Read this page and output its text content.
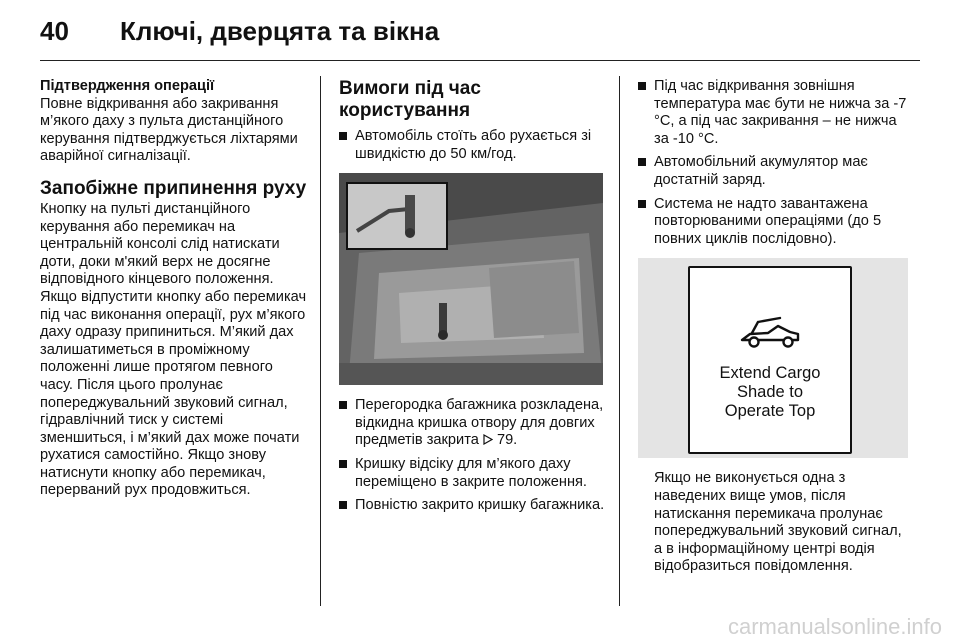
40	Ключі, дверцята та вікна
Підтвердження операції

Повне відкривання або закривання м’якого даху з пульта дистанційного керування підтверджується ліхтарями аварійної сигналізації.

Запобіжне припинення руху

Кнопку на пульті дистанційного керування або перемикач на центральній консолі слід натискати доти, доки м'який верх не досягне відповідного кінцевого положення. Якщо відпустити кнопку або перемикач під час виконання операції, рух м’якого даху одразу припиниться. М’який дах залишатиметься в проміжному положенні лише протягом певного часу. Після цього пролунає попереджувальний звуковий сигнал, гідравлічний тиск у системі зменшиться, і м’який дах може почати рухатися самостійно. Якщо знову натиснути кнопку або перемикач, перерваний рух продовжиться.

Вимоги під час користування
Автомобіль стоїть або рухається зі швидкістю до 50 км/год.
Перегородка багажника розкладена, відкидна кришка отвору для довгих предметів закрита 79.
Кришку відсіку для м’якого даху переміщено в закрите положення.
Повністю закрито кришку багажника.
Під час відкривання зовнішня температура має бути не нижча за -7 °C, а під час закривання – не нижча за -10 °C.
Автомобільний акумулятор має достатній заряд.
Система не надто завантажена повторюваними операціями (до 5 повних циклів послідовно).
Extend Cargo
Shade to
Operate Top

Якщо не виконується одна з наведених вище умов, після натискання перемикача пролунає попереджувальний звуковий сигнал, а в інформаційному центрі водія відобразиться повідомлення.

carmanualsonline.info
